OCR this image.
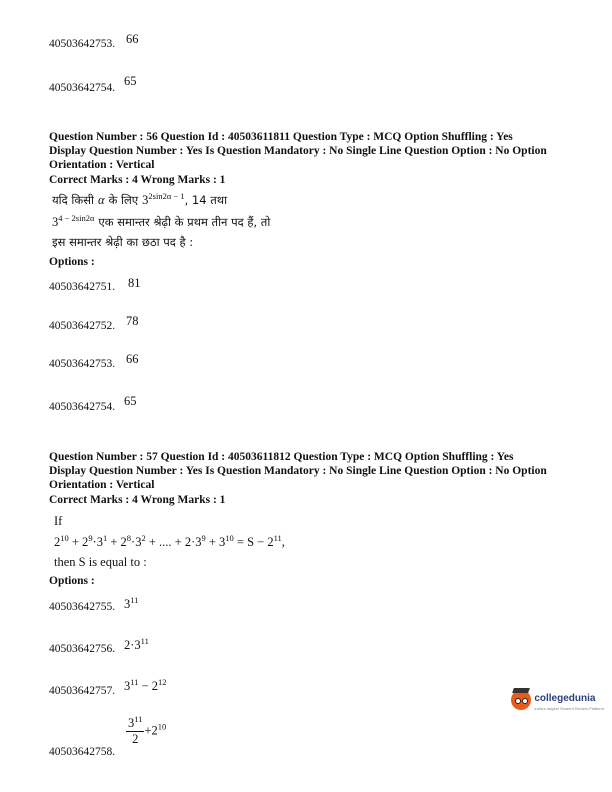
40503642753. 66
40503642754. 65
Question Number : 56 Question Id : 40503611811 Question Type : MCQ Option Shuffling : Yes
Display Question Number : Yes Is Question Mandatory : No Single Line Question Option : No Option
Orientation : Vertical
Correct Marks : 4 Wrong Marks : 1
यदि किसी α के लिए $3^{2sin2\alpha - 1}$, 14 तथा
$3^{4 - 2sin2\alpha}$ एक समान्तर श्रेढ़ी के प्रथम तीन पद हैं, तो
इस समान्तर श्रेढ़ी का छठा पद है :
Options :
40503642751. 81
40503642752. 78
40503642753. 66
40503642754. 65
Question Number : 57 Question Id : 40503611812 Question Type : MCQ Option Shuffling : Yes
Display Question Number : Yes Is Question Mandatory : No Single Line Question Option : No Option
Orientation : Vertical
Correct Marks : 4 Wrong Marks : 1
If
$2^{10} + 2^9\cdot 3^1 + 2^8\cdot 3^2$ + .... + $2\cdot 3^9 + 3^{10} = S - 2^{11}$,
then S is equal to :
Options :
40503642755. $3^{11}$
40503642756. $2\cdot 3^{11}$
40503642757. $3^{11} - 2^{12}$
40503642758.
$\frac{3^{11}}{2} +2^{10}$
collegedunia
India's largest Student Review Platform
